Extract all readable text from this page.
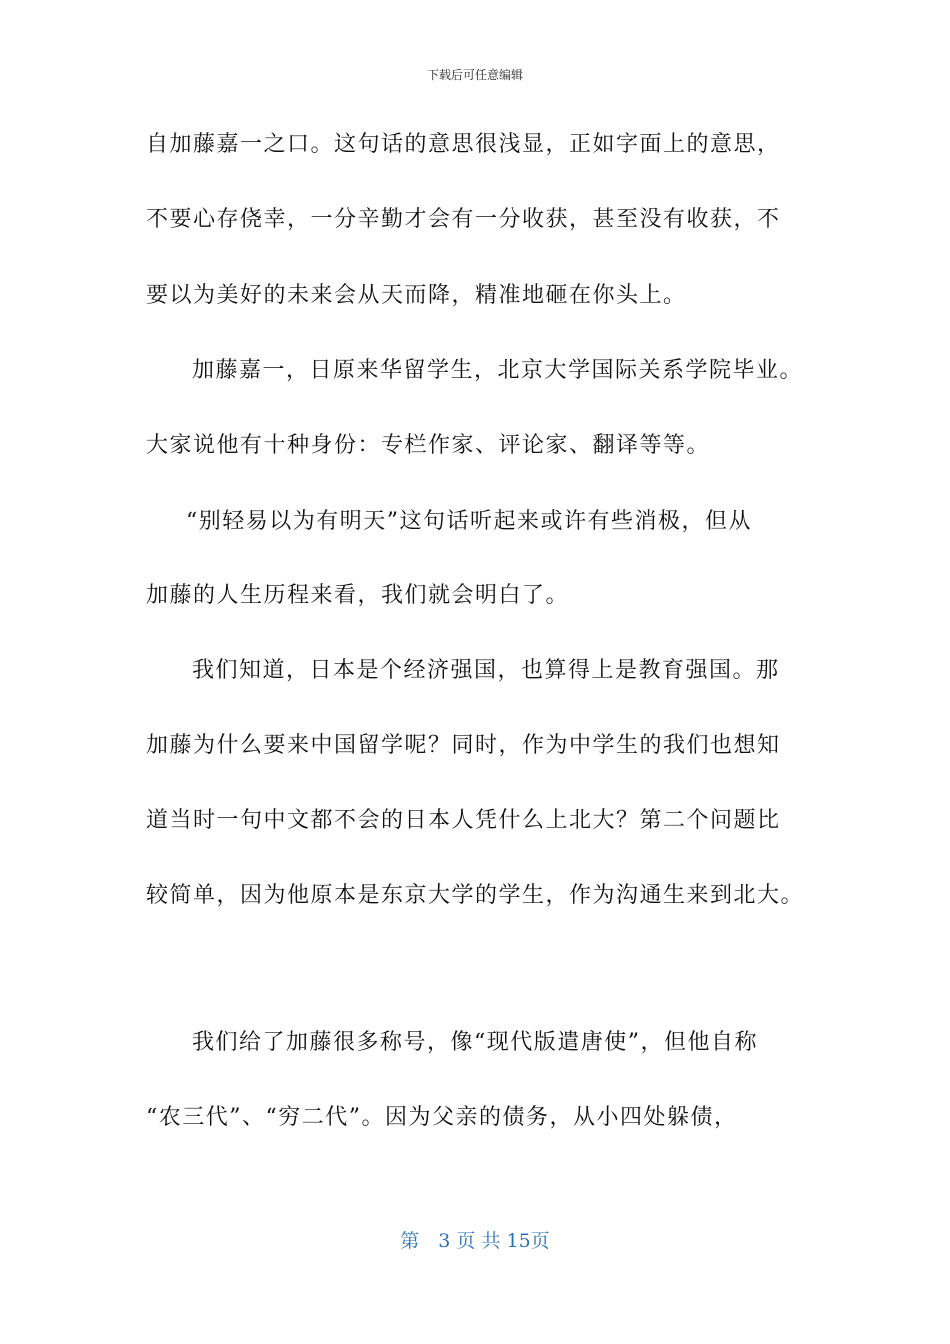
下载后可任意编辑
自加藤嘉一之口。这句话的意思很浅显，正如字面上的意思，
不要心存侥幸，一分辛勤才会有一分收获，甚至没有收获，不
要以为美好的未来会从天而降，精准地砸在你头上。
加藤嘉一，日原来华留学生，北京大学国际关系学院毕业。
大家说他有十种身份：专栏作家、评论家、翻译等等。
“别轻易以为有明天”这句话听起来或许有些消极，但从
加藤的人生历程来看，我们就会明白了。
我们知道，日本是个经济强国，也算得上是教育强国。那
加藤为什么要来中国留学呢？同时，作为中学生的我们也想知
道当时一句中文都不会的日本人凭什么上北大？第二个问题比
较简单，因为他原本是东京大学的学生，作为沟通生来到北大。
我们给了加藤很多称号，像“现代版遣唐使”，但他自称
“农三代”、“穷二代”。因为父亲的债务，从小四处躲债，
第　3 页 共 15页
